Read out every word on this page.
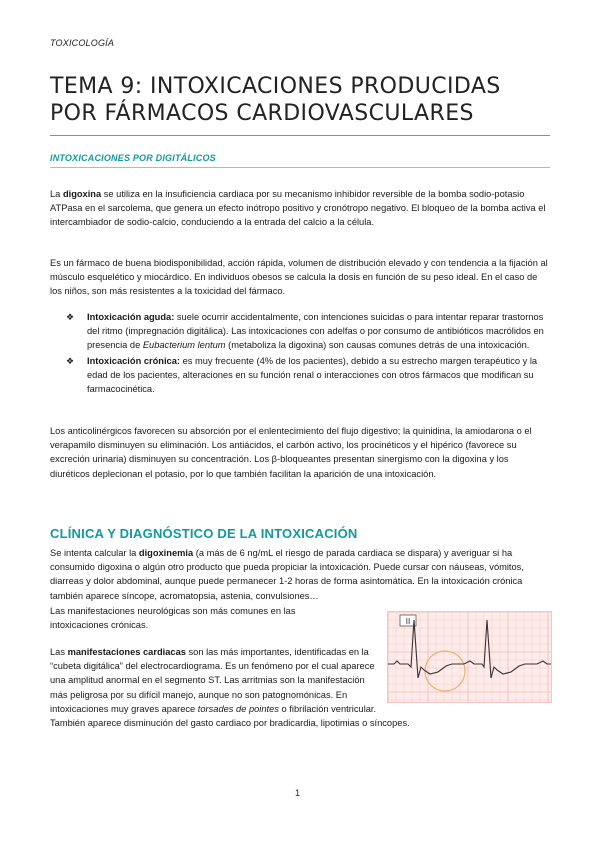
TOXICOLOGÍA
TEMA 9: INTOXICACIONES PRODUCIDAS
POR FÁRMACOS CARDIOVASCULARES
INTOXICACIONES POR DIGITÁLICOS

La digoxina se utiliza en la insuficiencia cardiaca por su mecanismo inhibidor reversible de la bomba sodio-potasio ATPasa en el sarcolema, que genera un efecto inótropo positivo y cronótropo negativo. El bloqueo de la bomba activa el intercambiador de sodio-calcio, conduciendo a la entrada del calcio a la célula.

Es un fármaco de buena biodisponibilidad, acción rápida, volumen de distribución elevado y con tendencia a la fijación al músculo esquelético y miocárdico. En individuos obesos se calcula la dosis en función de su peso ideal. En el caso de los niños, son más resistentes a la toxicidad del fármaco.

❖ Intoxicación aguda: suele ocurrir accidentalmente, con intenciones suicidas o para intentar reparar trastornos del ritmo (impregnación digitálica). Las intoxicaciones con adelfas o por consumo de antibióticos macrólidos en presencia de Eubacterium lentum (metaboliza la digoxina) son causas comunes detrás de una intoxicación.
❖ Intoxicación crónica: es muy frecuente (4% de los pacientes), debido a su estrecho margen terapéutico y la edad de los pacientes, alteraciones en su función renal o interacciones con otros fármacos que modifican su farmacocinética.

Los anticolinérgicos favorecen su absorción por el enlentecimiento del flujo digestivo; la quinidina, la amiodarona o el verapamilo disminuyen su eliminación. Los antiácidos, el carbón activo, los procinéticos y el hipérico (favorece su excreción urinaria) disminuyen su concentración. Los β-bloqueantes presentan sinergismo con la digoxina y los diuréticos deplecionan el potasio, por lo que también facilitan la aparición de una intoxicación.

CLÍNICA Y DIAGNÓSTICO DE LA INTOXICACIÓN

Se intenta calcular la digoxinemia (a más de 6 ng/mL el riesgo de parada cardiaca se dispara) y averiguar si ha consumido digoxina o algún otro producto que pueda propiciar la intoxicación. Puede cursar con náuseas, vómitos, diarreas y dolor abdominal, aunque puede permanecer 1-2 horas de forma asintomática. En la intoxicación crónica también aparece síncope, acromatopsia, astenia, convulsiones…

Las manifestaciones neurológicas son más comunes en las intoxicaciones crónicas.

Las manifestaciones cardiacas son las más importantes, identificadas en la “cubeta digitálica” del electrocardiograma. Es un fenómeno por el cual aparece una amplitud anormal en el segmento ST. Las arritmias son la manifestación más peligrosa por su difícil manejo, aunque no son patognomónicas. En intoxicaciones muy graves aparece torsades de pointes o fibrilación ventricular. También aparece disminución del gasto cardiaco por bradicardia, lipotimias o síncopes.

II
1
